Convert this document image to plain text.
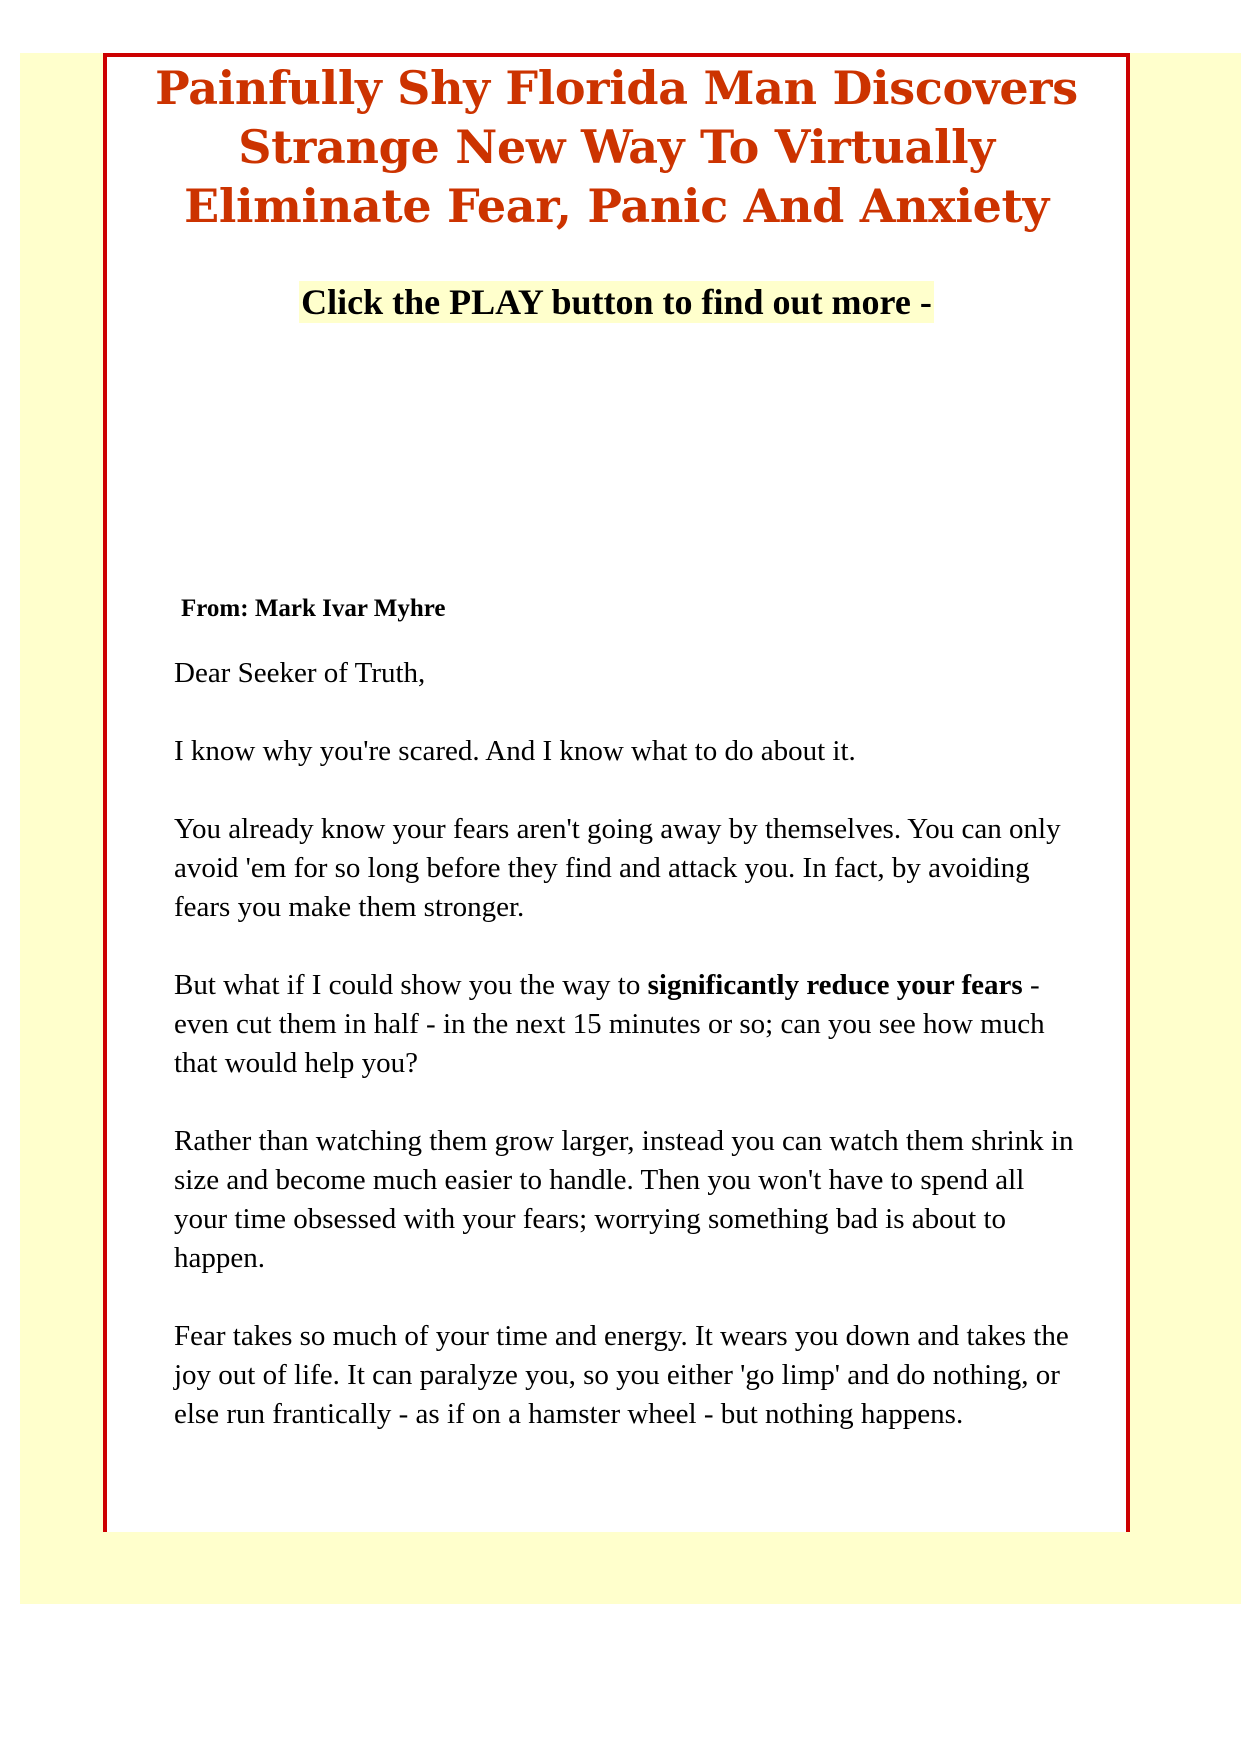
Painfully Shy Florida Man Discovers
Strange New Way To Virtually
Eliminate Fear, Panic And Anxiety
Click the PLAY button to find out more -

From: Mark Ivar Myhre

Dear Seeker of Truth,

I know why you're scared. And I know what to do about it.

You already know your fears aren't going away by themselves. You can only avoid 'em for so long before they find and attack you. In fact, by avoiding fears you make them stronger.

But what if I could show you the way to significantly reduce your fears - even cut them in half - in the next 15 minutes or so; can you see how much that would help you?

Rather than watching them grow larger, instead you can watch them shrink in size and become much easier to handle. Then you won't have to spend all your time obsessed with your fears; worrying something bad is about to happen.

Fear takes so much of your time and energy. It wears you down and takes the joy out of life. It can paralyze you, so you either 'go limp' and do nothing, or else run frantically - as if on a hamster wheel - but nothing happens.
